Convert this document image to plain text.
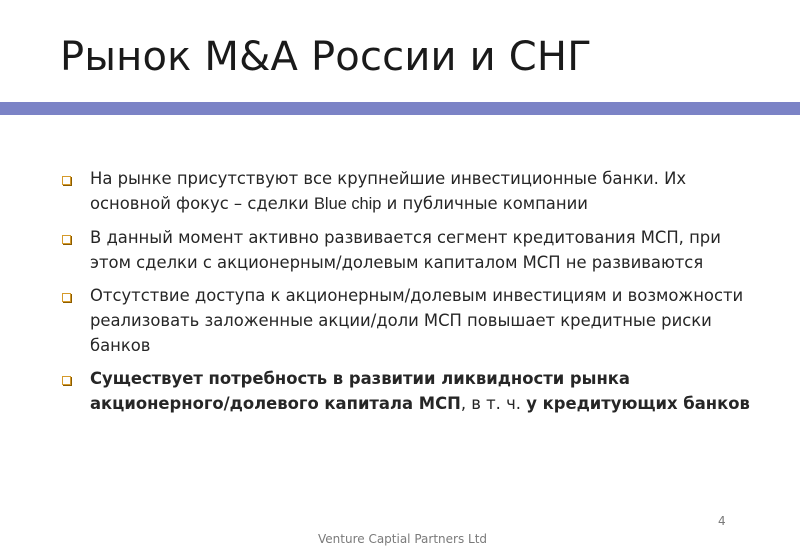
Рынок M&A России и СНГ
На рынке присутствуют все крупнейшие инвестиционные банки. Их основной фокус – сделки Blue chip и публичные компании
В данный момент активно развивается сегмент кредитования МСП, при этом сделки с акционерным/долевым капиталом МСП не развиваются
Отсутствие доступа к акционерным/долевым инвестициям и возможности реализовать заложенные акции/доли МСП повышает кредитные риски банков
Существует потребность в развитии ликвидности рынка акционерного/долевого капитала МСП, в т. ч. у кредитующих банков
4
Venture Captial Partners Ltd
